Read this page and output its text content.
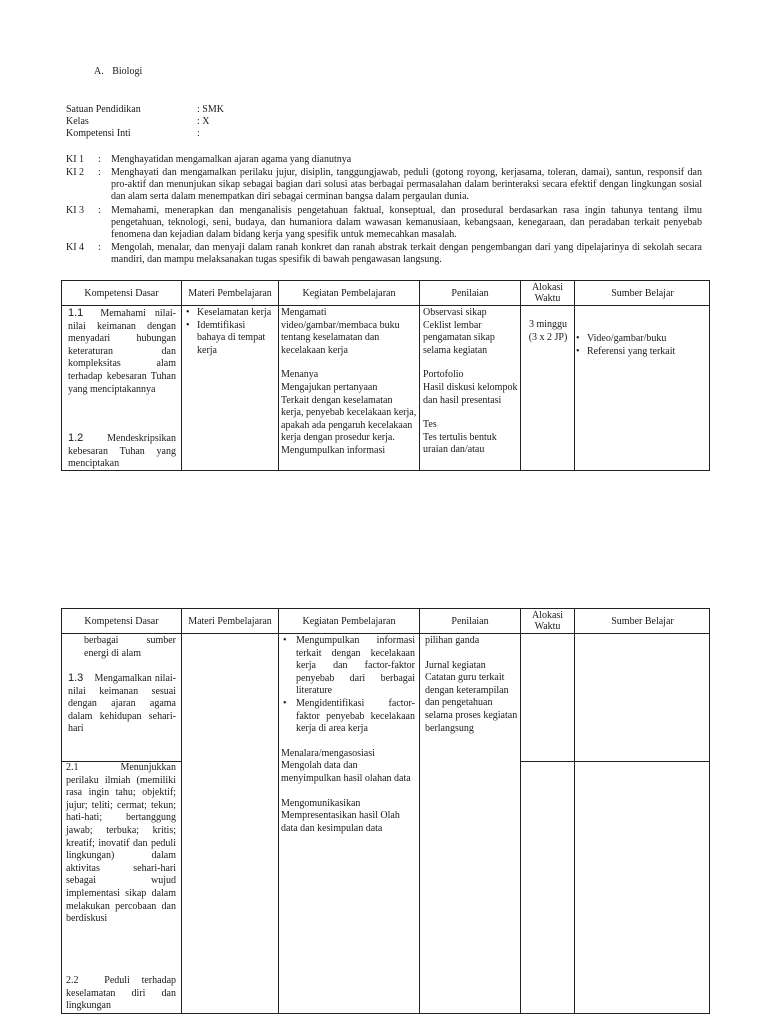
A. Biologi
Satuan Pendidikan	: SMK
Kelas	: X
Kompetensi Inti	:
KI 1 : Menghayatidan mengamalkan ajaran agama yang dianutnya
KI 2 : Menghayati dan mengamalkan perilaku jujur, disiplin, tanggungjawab, peduli (gotong royong, kerjasama, toleran, damai), santun, responsif dan pro-aktif dan menunjukan sikap sebagai bagian dari solusi atas berbagai permasalahan dalam berinteraksi secara efektif dengan lingkungan sosial dan alam serta dalam menempatkan diri sebagai cerminan bangsa dalam pergaulan dunia.
KI 3 : Memahami, menerapkan dan menganalisis pengetahuan faktual, konseptual, dan prosedural berdasarkan rasa ingin tahunya tentang ilmu pengetahuan, teknologi, seni, budaya, dan humaniora dalam wawasan kemanusiaan, kebangsaan, kenegaraan, dan peradaban terkait penyebab fenomena dan kejadian dalam bidang kerja yang spesifik untuk memecahkan masalah.
KI 4 : Mengolah, menalar, dan menyaji dalam ranah konkret dan ranah abstrak terkait dengan pengembangan dari yang dipelajarinya di sekolah secara mandiri, dan mampu melaksanakan tugas spesifik di bawah pengawasan langsung.
Kompetensi Dasar	Materi Pembelajaran	Kegiatan Pembelajaran	Penilaian	Alokasi Waktu	Sumber Belajar
1.1 Memahami nilai-nilai keimanan dengan menyadari hubungan keteraturan dan kompleksitas alam terhadap kebesaran Tuhan yang menciptakannya
1.2 Mendeskripsikan kebesaran Tuhan yang menciptakan
• Keselamatan kerja
• Idemtifikasi bahaya di tempat kerja
Mengamati
video/gambar/membaca buku tentang keselamatan dan kecelakaan kerja
Menanya
Mengajukan pertanyaan
Terkait dengan keselamatan kerja, penyebab kecelakaan kerja, apakah ada pengaruh kecelakaan kerja dengan prosedur kerja.
Mengumpulkan informasi
Observasi sikap
Ceklist lembar pengamatan sikap selama kegiatan
Portofolio
Hasil diskusi kelompok dan hasil presentasi
Tes
Tes tertulis bentuk uraian dan/atau
3 minggu (3 x 2 JP)
•	Video/gambar/buku
• Referensi yang terkait
Kompetensi Dasar	Materi Pembelajaran	Kegiatan Pembelajaran	Penilaian	Alokasi Waktu	Sumber Belajar
berbagai sumber energi di alam
1.3 Mengamalkan nilai-nilai keimanan sesuai dengan ajaran agama dalam kehidupan sehari-hari
2.1	Menunjukkan perilaku ilmiah (memiliki rasa ingin tahu; objektif; jujur; teliti; cermat; tekun; hati-hati; bertanggung jawab; terbuka; kritis; kreatif; inovatif dan peduli lingkungan) dalam aktivitas sehari-hari sebagai wujud implementasi sikap dalam melakukan percobaan dan berdiskusi
2.2	Peduli terhadap keselamatan diri dan lingkungan
• Mengumpulkan informasi terkait dengan kecelakaan kerja dan factor-faktor penyebab dari berbagai literature
• Mengidentifikasi factor-faktor penyebab kecelakaan kerja di area kerja
Menalara/mengasosiasi
Mengolah data dan menyimpulkan hasil olahan data
Mengomunikasikan
Mempresentasikan hasil Olah data dan kesimpulan data
pilihan ganda
Jurnal kegiatan
Catatan guru terkait dengan keterampilan dan pengetahuan selama proses kegiatan berlangsung
